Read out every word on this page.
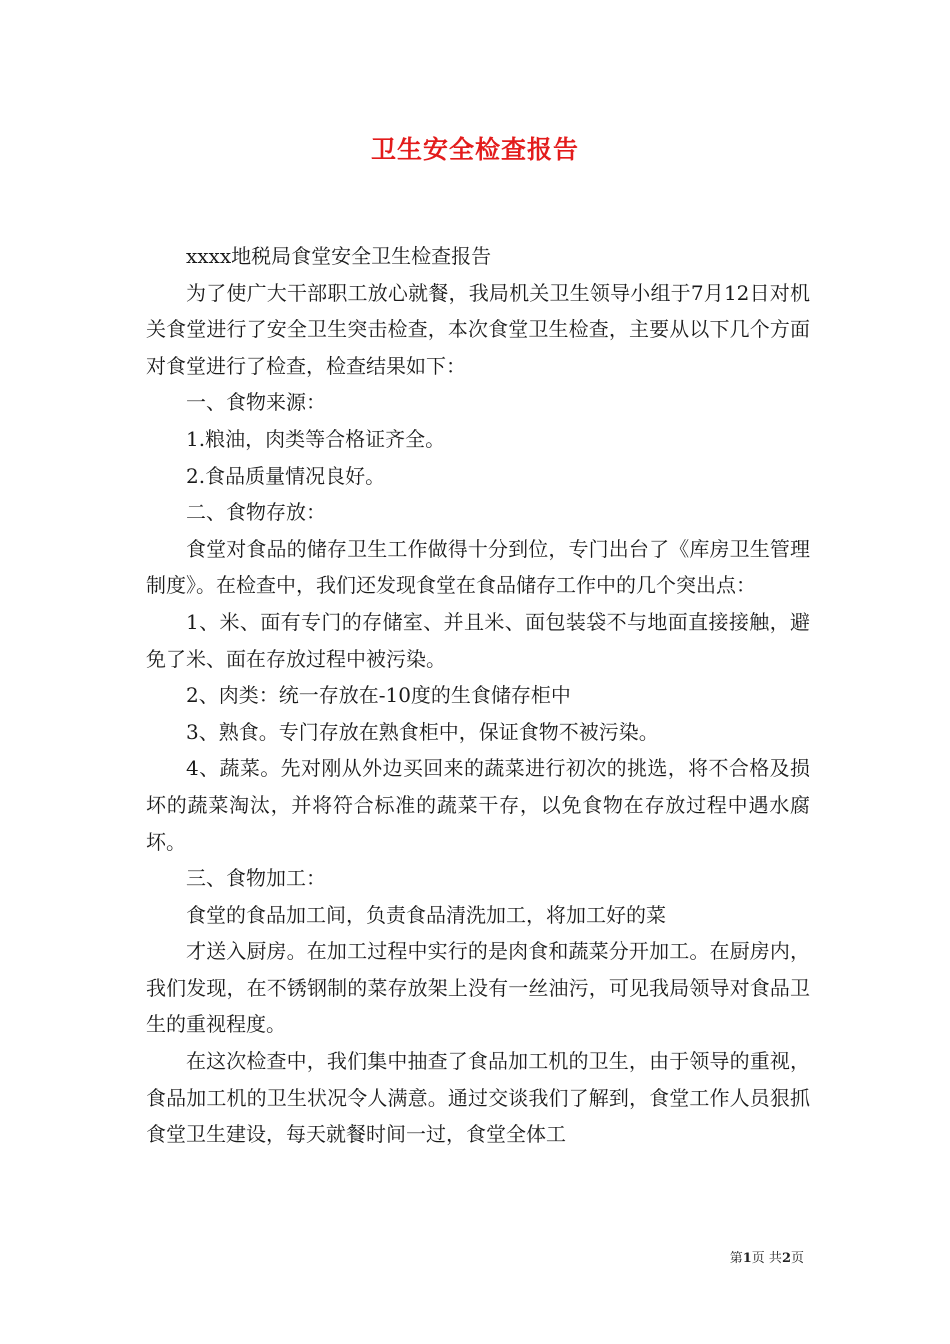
卫生安全检查报告

xxxx地税局食堂安全卫生检查报告

为了使广大干部职工放心就餐，我局机关卫生领导小组于7月12日对机关食堂进行了安全卫生突击检查，本次食堂卫生检查，主要从以下几个方面对食堂进行了检查，检查结果如下：

一、食物来源：

1.粮油，肉类等合格证齐全。

2.食品质量情况良好。

二、食物存放：

食堂对食品的储存卫生工作做得十分到位，专门出台了《库房卫生管理制度》。在检查中，我们还发现食堂在食品储存工作中的几个突出点：

1、米、面有专门的存储室、并且米、面包装袋不与地面直接接触，避免了米、面在存放过程中被污染。

2、肉类：统一存放在-10度的生食储存柜中

3、熟食。专门存放在熟食柜中，保证食物不被污染。

4、蔬菜。先对刚从外边买回来的蔬菜进行初次的挑选，将不合格及损坏的蔬菜淘汰，并将符合标准的蔬菜干存，以免食物在存放过程中遇水腐坏。

三、食物加工：

食堂的食品加工间，负责食品清洗加工，将加工好的菜

才送入厨房。在加工过程中实行的是肉食和蔬菜分开加工。在厨房内，我们发现，在不锈钢制的菜存放架上没有一丝油污，可见我局领导对食品卫生的重视程度。

在这次检查中，我们集中抽查了食品加工机的卫生，由于领导的重视，食品加工机的卫生状况令人满意。通过交谈我们了解到，食堂工作人员狠抓食堂卫生建设，每天就餐时间一过，食堂全体工

第1页 共2页
